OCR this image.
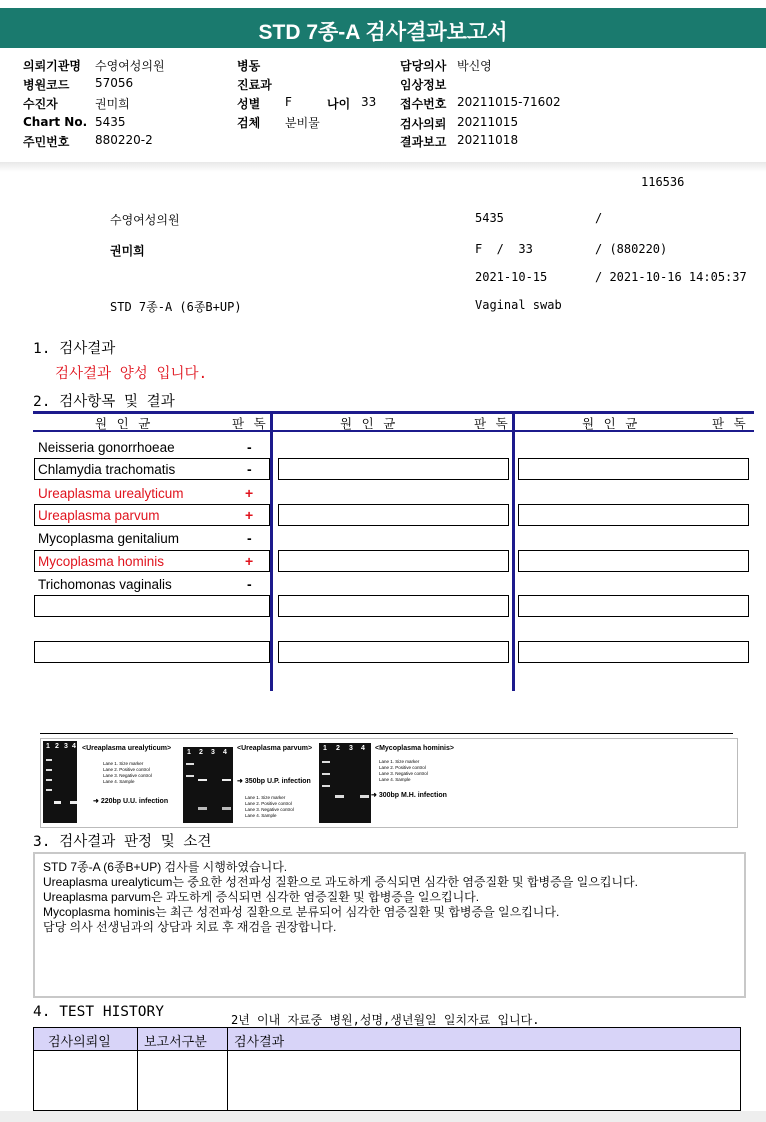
STD 7종-A 검사결과보고서
의뢰기관명 수영여성의원
병원코드 57056
수진자	권미희
Chart No. 5435
주민번호 880220-2
병동
진료과
성별 F	나이 33
검체 분비물
담당의사 박신영
임상정보
접수번호 20211015-71602
검사의뢰 20211015
결과보고 20211018
116536
수영여성의원	5435	/
권미희	F  /  33	/ (880220)
2021-10-15	/ 2021-10-16 14:05:37
STD 7종-A (6종B+UP)	Vaginal swab
1. 검사결과
검사결과 양성 입니다.
2. 검사항목 및 결과
원 인 균	판 독	원 인 균	판 독	원 인 균	판 독
Neisseria gonorrhoeae	-
Chlamydia trachomatis	-
Ureaplasma urealyticum	+
Ureaplasma parvum	+
Mycoplasma genitalium	-
Mycoplasma hominis	+
Trichomonas vaginalis	-
1 2 3 4 <Ureaplasma urealyticum>
Lane 1. Size marker
Lane 2. Positive control
Lane 3. Negative control
Lane 4. Sample
➜ 220bp U.U. infection
1 2 3 4
<Ureaplasma parvum>
➜ 350bp U.P. infection
Lane 1. Size marker
Lane 2. Positive control
Lane 3. Negative control
Lane 4. Sample
1 2 3 4 <Mycoplasma hominis>
Lane 1. Size marker
Lane 2. Positive control
Lane 3. Negative control
Lane 4. Sample
➜ 300bp M.H. infection
3. 검사결과 판정 및 소견
STD 7종-A (6종B+UP) 검사를 시행하였습니다.
Ureaplasma urealyticum는 중요한 성전파성 질환으로 과도하게 증식되면 심각한 염증질환 및 합병증을 일으킵니다.
Ureaplasma parvum은 과도하게 증식되면 심각한 염증질환 및 합병증을 일으킵니다.
Mycoplasma hominis는 최근 성전파성 질환으로 분류되어 심각한 염증질환 및 합병증을 일으킵니다.
담당 의사 선생님과의 상담과 치료 후 재검을 권장합니다.
4. TEST HISTORY	2년 이내 자료중 병원,성명,생년월일 일치자료 입니다.
검사의뢰일	보고서구분 검사결과
